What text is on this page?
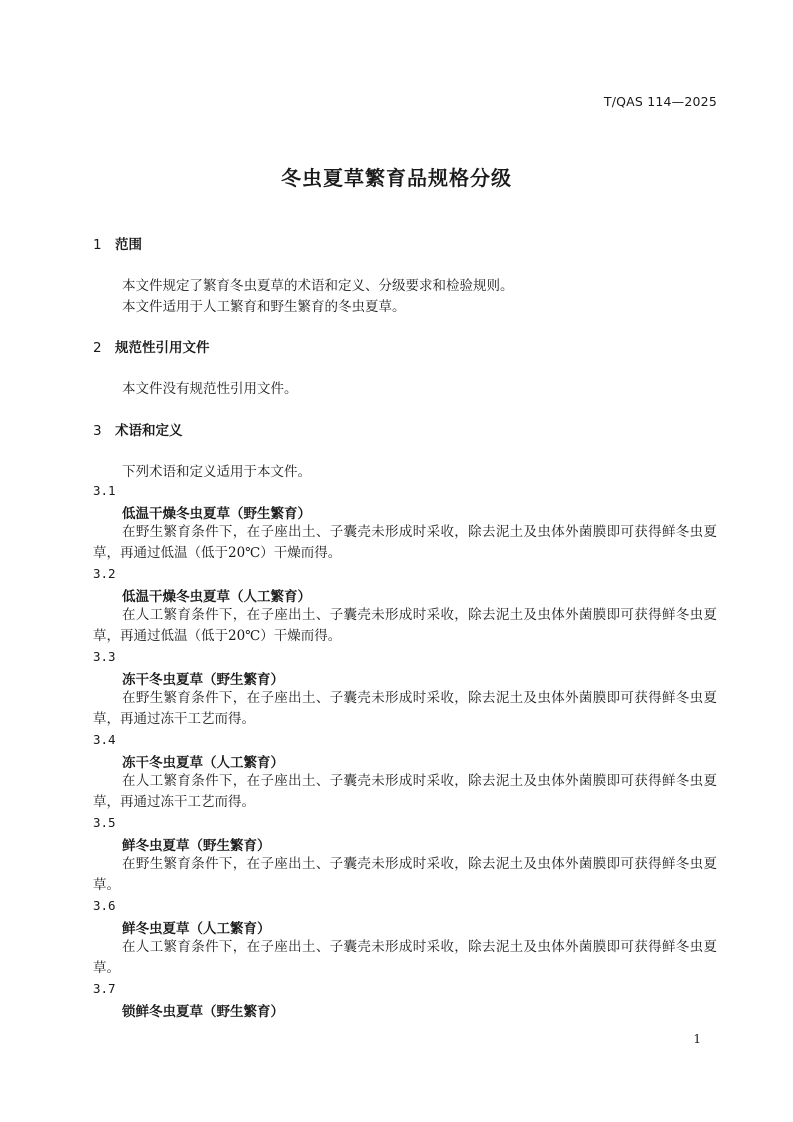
T/QAS 114—2025
冬虫夏草繁育品规格分级
1 范围
本文件规定了繁育冬虫夏草的术语和定义、分级要求和检验规则。
本文件适用于人工繁育和野生繁育的冬虫夏草。
2 规范性引用文件
本文件没有规范性引用文件。
3 术语和定义
下列术语和定义适用于本文件。
3.1
低温干燥冬虫夏草（野生繁育）
在野生繁育条件下，在子座出土、子囊壳未形成时采收，除去泥土及虫体外菌膜即可获得鲜冬虫夏草，再通过低温（低于20℃）干燥而得。
3.2
低温干燥冬虫夏草（人工繁育）
在人工繁育条件下，在子座出土、子囊壳未形成时采收，除去泥土及虫体外菌膜即可获得鲜冬虫夏草，再通过低温（低于20℃）干燥而得。
3.3
冻干冬虫夏草（野生繁育）
在野生繁育条件下，在子座出土、子囊壳未形成时采收，除去泥土及虫体外菌膜即可获得鲜冬虫夏草，再通过冻干工艺而得。
3.4
冻干冬虫夏草（人工繁育）
在人工繁育条件下，在子座出土、子囊壳未形成时采收，除去泥土及虫体外菌膜即可获得鲜冬虫夏草，再通过冻干工艺而得。
3.5
鲜冬虫夏草（野生繁育）
在野生繁育条件下，在子座出土、子囊壳未形成时采收，除去泥土及虫体外菌膜即可获得鲜冬虫夏草。
3.6
鲜冬虫夏草（人工繁育）
在人工繁育条件下，在子座出土、子囊壳未形成时采收，除去泥土及虫体外菌膜即可获得鲜冬虫夏草。
3.7
锁鲜冬虫夏草（野生繁育）
1
